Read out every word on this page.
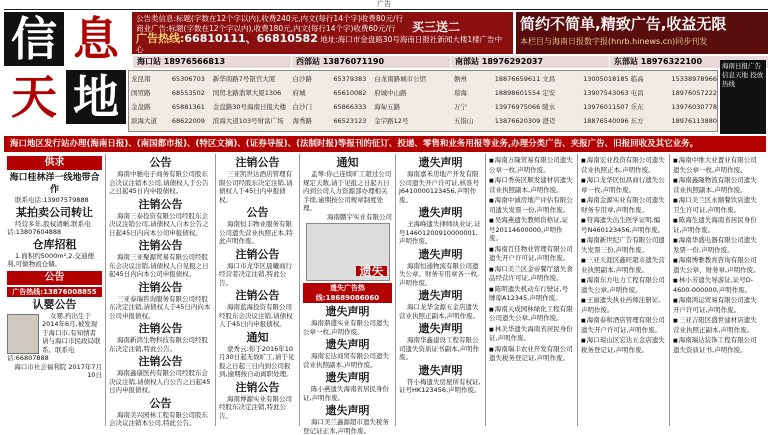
广告
信 息
天 地
公告类信息:标题(字数在12个字以内),收费240元,内文(每行14个字)收费80元/行
商业广告:标题(字数在12个字以内),收费180元,内文(每行14个字)收费60元/行
广告热线:66810111、66810582 地址:海口市金盘路30号海南日报社新闻大楼1楼广告中心
买三送二	简约不简单,精致广告,收益无限
本栏目与海南日报数字报(hnrb.hinews.cn)同步刊发
海口站 18976566813	西部站 13876071190	南部站 18976292037	东部站 18976322100
龙昆南	65306703	新华南路7号银宫大厦	白沙路	65379383	白龙南路城市公馆	儋州	18876659611 文昌	13005018185 临高	15338978966
国贸路	68553502	国贸北路翡翠大厦1306	府城	65610082	府城中山路	琼海	18898601554 定安	13907543063 屯昌	18976057222
金盘路	65881361	金盘路30号海南日报大楼 白沙门	65866333	海甸五路	万宁	13976975066 陵水	13976011507 乐东	13976030778
滨海大道	68622009	滨海大道103号财富广场	海秀路	66523123	金宇路12号	五指山	13876620309 澄迈	18876540096 东方	18976113880
海南日报广告信息天地 投放热线
海口地区发行站办理(海南日报)、(南国都市报)、(特区文摘)、(证券导报)、(法制时报)等报刊的征订、投递、零售和业务用报等业务,办理分类广告、夹报广告、旧报回收及其它业务。
供求
海口桂林洋一线地带合作
联系电话:13907579888
某拍卖公司转让
经营多年,股权清晰,联系电话:13807604888
仓库招租
1.面积约5000m²,2.交通便利,可做物流仓储。
公告
广告热线:13876008855
认婴公告
女婴,约出生于2014年6月,被发现于海口市,有知情者请与海口市民政局联系。联系电话:66807888
海口市社会福利院 2017年7月10日
公告
海南中驰电子商务有限公司股东会决议注销本公司,请债权人于公告之日起45日内申报债权。
注销公告
海南三泰投资有限公司经股东会决议注销公司,请债权人自本公告之日起45日内向本公司申报债权。
注销公告
海南三亚聚源贸易有限公司经股东会决议注销,请债权人自见报之日起45日内向本公司申报债权。
注销公告
三亚泰瑞咨询服务有限公司经股东决定注销,请债权人于45日内向本公司申报债权。
注销公告
海南新鸿生物科技有限公司经股东决定注销,特此公告。
注销公告
海南鑫康医药有限公司经股东会决议注销,请债权人自公告之日起45日内申报债权。
公告
海南美兴园林工程有限公司股东会决议注销本公司,特此公告。
注销公告
三亚凯世达酒店管理有限公司经股东决定注销,请债权人于45日内申报债权。
公告
海南恒丰物业服务有限公司遗失营业执照正本,特此声明作废。
注销公告
海口市龙华区晨曦商行经营者决定注销,特此公告。
注销公告
海南蓝海投资有限公司经股东会决议注销,请债权人于45日内申报债权。
通知
蒙秀云:你于2016年10月30日起无故旷工,请于见报之日起三日内到公司报到,逾期按自动离职处理。
注销公告
海南博源实业有限公司经股东决定注销,特此公告。
通知
孟琴:你已连续旷工超过公司规定天数,请于见报之日起五日内到公司人力资源部办理相关手续,逾期按公司规章制度处理。
海南鹏宇实业有限公司
遗失
遗失广告热线:18689086060
遗失声明
海南鼎盛实业有限公司遗失公章一枚,声明作废。
遗失声明
海南宏达商贸有限公司遗失营业执照副本,声明作废。
遗失声明
陈小燕遗失海南省居民身份证,声明作废。
遗失声明
海口美兰鑫源超市遗失税务登记证正本,声明作废。
遗失声明
海南嘉禾房地产开发有限公司遗失开户许可证,核准号J6410000123456,声明作废。
遗失声明
王海峰遗失律师执业证,证号14601200910000001,声明作废。
遗失声明
海南恒通物流有限公司遗失公章、财务专用章各一枚,声明作废。
遗失声明
海口龙华金源五金店遗失营业执照正副本,声明作废。
遗失声明
海南华鑫建设工程有限公司遗失资质证书副本,声明作废。
遗失声明
符小梅遗失房屋所有权证,证号HK123456,声明作废。
■ 海南万隆贸易有限公司遗失公章一枚,声明作废。
■ 海口秀英区顺发建材店遗失营业执照副本,声明作废。
■ 海南中诚房地产评估有限公司遗失发票一份,声明作废。
■ 吴海燕遗失教师资格证,证号20114600000,声明作废。
■ 海南百佳物业管理有限公司遗失开户许可证,声明作废。
■ 海口美兰区金帝餐厅遗失食品经营许可证,声明作废。
■ 陈明遗失机动车行驶证,号牌琼A12345,声明作废。
■ 海南天成园林绿化工程有限公司遗失公章,声明作废。
■ 林美华遗失海南省居民身份证,声明作废。
■ 海南瑞丰农业开发有限公司遗失税务登记证,声明作废。
■ 海南宏业投资有限公司遗失营业执照正本,声明作废。
■ 海口龙华区恒昌商行遗失公章一枚,声明作废。
■ 海南金源实业有限公司遗失财务专用章,声明作废。
■ 符海遗失出生医学证明,编号N460123456,声明作废。
■ 海南新世纪广告有限公司遗失发票三份,声明作废。
■ 三亚天涯区鑫旺超市遗失营业执照副本,声明作废。
■ 海南东方电力工程有限公司遗失公章,声明作废。
■ 王丽遗失执业药师注册证,声明作废。
■ 海南泰和酒店管理有限公司遗失开户许可证,声明作废。
■ 海口琼山区宏达五金店遗失税务登记证,声明作废。
■ 海南中维大业置业有限公司遗失公章一枚,声明作废。
■ 海南鑫隆物流有限公司遗失营业执照副本,声明作废。
■ 海口美兰区永顺餐饮店遗失卫生许可证,声明作废。
■ 陈海生遗失海南省居民身份证,声明作废。
■ 海南华盛电器有限公司遗失发票一份,声明作废。
■ 海南博雅教育咨询有限公司遗失公章、财务章,声明作废。
■ 林小芳遗失导游证,证号D-4600-000000,声明作废。
■ 海南鸿运贸易有限公司遗失开户许可证,声明作废。
■ 三亚吉阳区盛世建材店遗失营业执照正副本,声明作废。
■ 海南瑞达装饰工程有限公司遗失资质证书,声明作废。
